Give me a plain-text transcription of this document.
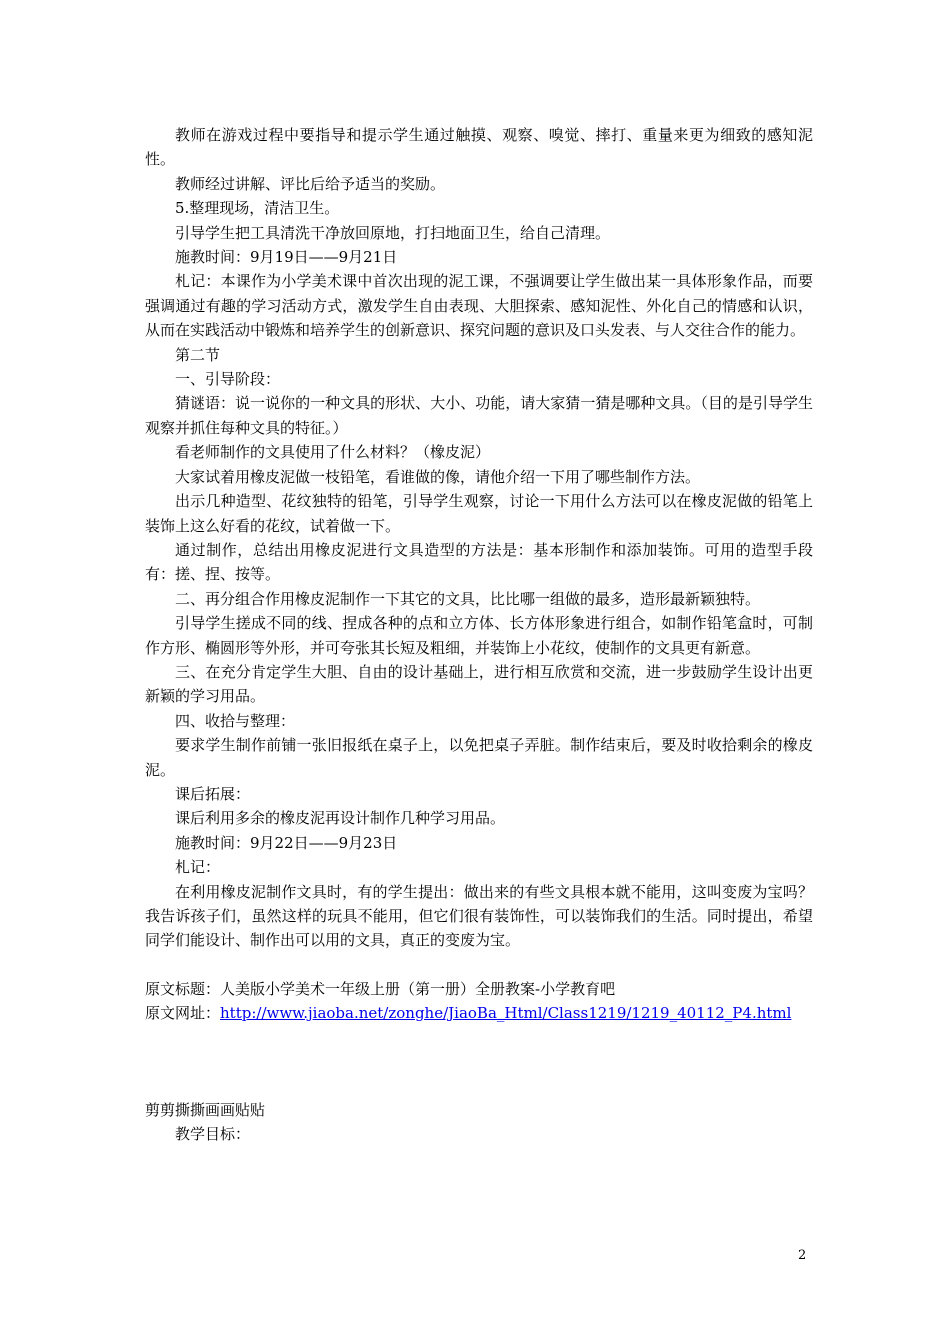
教师在游戏过程中要指导和提示学生通过触摸、观察、嗅觉、摔打、重量来更为细致的感知泥性。

教师经过讲解、评比后给予适当的奖励。

5.整理现场，清洁卫生。

引导学生把工具清洗干净放回原地，打扫地面卫生，给自己清理。

施教时间：9月19日——9月21日

札记：本课作为小学美术课中首次出现的泥工课，不强调要让学生做出某一具体形象作品，而要强调通过有趣的学习活动方式，激发学生自由表现、大胆探索、感知泥性、外化自己的情感和认识，从而在实践活动中锻炼和培养学生的创新意识、探究问题的意识及口头发表、与人交往合作的能力。

第二节

一、引导阶段：

猜谜语：说一说你的一种文具的形状、大小、功能，请大家猜一猜是哪种文具。（目的是引导学生观察并抓住每种文具的特征。）

看老师制作的文具使用了什么材料？（橡皮泥）

大家试着用橡皮泥做一枝铅笔，看谁做的像，请他介绍一下用了哪些制作方法。

出示几种造型、花纹独特的铅笔，引导学生观察，讨论一下用什么方法可以在橡皮泥做的铅笔上装饰上这么好看的花纹，试着做一下。

通过制作，总结出用橡皮泥进行文具造型的方法是：基本形制作和添加装饰。可用的造型手段有：搓、捏、按等。

二、再分组合作用橡皮泥制作一下其它的文具，比比哪一组做的最多，造形最新颖独特。

引导学生搓成不同的线、捏成各种的点和立方体、长方体形象进行组合，如制作铅笔盒时，可制作方形、椭圆形等外形，并可夸张其长短及粗细，并装饰上小花纹，使制作的文具更有新意。

三、在充分肯定学生大胆、自由的设计基础上，进行相互欣赏和交流，进一步鼓励学生设计出更新颖的学习用品。

四、收拾与整理：

要求学生制作前铺一张旧报纸在桌子上，以免把桌子弄脏。制作结束后，要及时收拾剩余的橡皮泥。

课后拓展：

课后利用多余的橡皮泥再设计制作几种学习用品。

施教时间：9月22日——9月23日

札记：

在利用橡皮泥制作文具时，有的学生提出：做出来的有些文具根本就不能用，这叫变废为宝吗？我告诉孩子们，虽然这样的玩具不能用，但它们很有装饰性，可以装饰我们的生活。同时提出，希望同学们能设计、制作出可以用的文具，真正的变废为宝。

原文标题：人美版小学美术一年级上册（第一册）全册教案-小学教育吧

原文网址：http://www.jiaoba.net/zonghe/JiaoBa_Html/Class1219/1219_40112_P4.html

剪剪撕撕画画贴贴

教学目标：

2
